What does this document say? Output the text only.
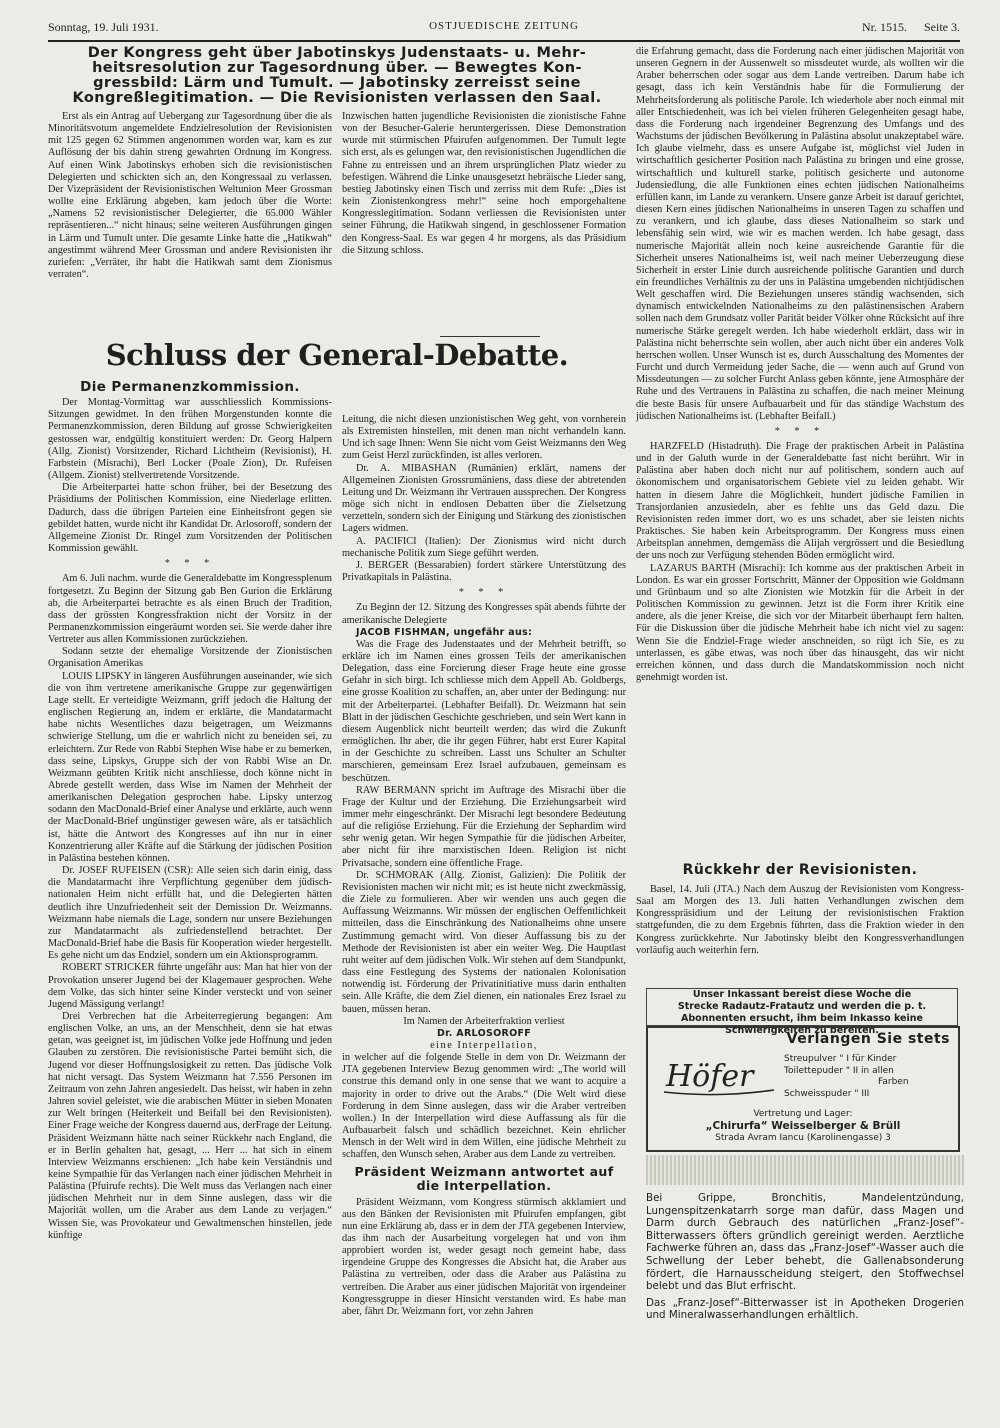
Sonntag, 19. Juli 1931.	OSTJUEDISCHE ZEITUNG	Nr. 1515. Seite 3.
Der Kongress geht über Jabotinskys Judenstaats- u. Mehr-
heitsresolution zur Tagesordnung über. — Bewegtes Kon-
gressbild: Lärm und Tumult. — Jabotinsky zerreisst seine
Kongreßlegitimation. — Die Revisionisten verlassen den Saal.

Erst als ein Antrag auf Uebergang zur Tagesordnung über die als Minoritätsvotum angemeldete Endzielresolution der Revisionisten mit 125 gegen 62 Stimmen angenommen worden war, kam es zur Auflösung der bis dahin streng gewahrten Ordnung im Kongress. Auf einen Wink Jabotinskys erhoben sich die revisionistischen Delegierten und schickten sich an, den Kongressaal zu verlassen. Der Vizepräsident der Revisionistischen Weltunion Meer Grossman wollte eine Erklärung abgeben, kam jedoch über die Worte: „Namens 52 revisionistischer Delegierter, die 65.000 Wähler repräsentieren...“ nicht hinaus; seine weiteren Ausführungen gingen in Lärm und Tumult unter. Die gesamte Linke hatte die „Hatikwah“ angestimmt während Meer Grossman und andere Revisionisten ihr zuriefen: „Verräter, ihr habt die Hatikwah samt dem Zionismus verraten“.

Inzwischen hatten jugendliche Revisionisten die zionistische Fahne von der Besucher-Galerie heruntergerissen. Diese Demonstration wurde mit stürmischen Pfuirufen aufgenommen. Der Tumult legte sich erst, als es gelungen war, den revisionistischen Jugendlichen die Fahne zu entreissen und an ihrem ursprünglichen Platz wieder zu befestigen. Während die Linke unausgesetzt hebräische Lieder sang, bestieg Jabotinsky einen Tisch und zerriss mit dem Rufe: „Dies ist kein Zionistenkongress mehr!“ seine hoch emporgehaltene Kongresslegitimation. Sodann verliessen die Revisionisten unter seiner Führung, die Hatikwah singend, in geschlossener Formation den Kongress-Saal. Es war gegen 4 hr morgens, als das Präsidium die Sitzung schloss.

Schluss der General-Debatte.
Die Permanenzkommission.

Der Montag-Vormittag war ausschliesslich Kommissions-Sitzungen gewidmet. In den frühen Morgenstunden konnte die Permanenzkommission, deren Bildung auf grosse Schwierigkeiten gestossen war, endgültig konstituiert werden: Dr. Georg Halpern (Allg. Zionist) Vorsitzender, Richard Lichtheim (Revisionist), H. Farbstein (Misrachi), Berl Locker (Poale Zion), Dr. Rufeisen (Allgem. Zionist) stellvertretende Vorsitzende.

Die Arbeiterpartei hatte schon früher, bei der Besetzung des Präsidiums der Politischen Kommission, eine Niederlage erlitten. Dadurch, dass die übrigen Parteien eine Einheitsfront gegen sie gebildet hatten, wurde nicht ihr Kandidat Dr. Arlosoroff, sondern der Allgemeine Zionist Dr. Ringel zum Vorsitzenden der Politischen Kommission gewählt.

* * *

Am 6. Juli nachm. wurde die Generaldebatte im Kongressplenum fortgesetzt. Zu Beginn der Sitzung gab Ben Gurion die Erklärung ab, die Arbeiterpartei betrachte es als einen Bruch der Tradition, dass der grössten Kongressfraktion nicht der Vorsitz in der Permanenzkommission eingeräumt worden sei. Sie werde daher ihre Vertreter aus allen Kommissionen zurückziehen.

Sodann setzte der ehemalige Vorsitzende der Zionistischen Organisation Amerikas

LOUIS LIPSKY in längeren Ausführungen auseinander, wie sich die von ihm vertretene amerikanische Gruppe zur gegenwärtigen Lage stellt. Er verteidigte Weizmann, griff jedoch die Haltung der englischen Regierung an, indem er erklärte, die Mandatarmacht habe nichts Wesentliches dazu beigetragen, um Weizmanns schwierige Stellung, um die er wahrlich nicht zu beneiden sei, zu erleichtern. Zur Rede von Rabbi Stephen Wise habe er zu bemerken, dass seine, Lipskys, Gruppe sich der von Rabbi Wise an Dr. Weizmann geübten Kritik nicht anschliesse, doch könne nicht in Abrede gestellt werden, dass Wise im Namen der Mehrheit der amerikanischen Delegation gesprochen habe. Lipsky unterzog sodann den MacDonald-Brief einer Analyse und erklärte, auch wenn der MacDonald-Brief ungünstiger gewesen wäre, als er tatsächlich ist, hätte die Antwort des Kongresses auf ihn nur in einer Konzentrierung aller Kräfte auf die Stärkung der jüdischen Position in Palästina bestehen können.

Dr. JOSEF RUFEISEN (CSR): Alle seien sich darin einig, dass die Mandatarmacht ihre Verpflichtung gegenüber dem jüdisch-nationalen Heim nicht erfüllt hat, und die Delegierten hätten deutlich ihre Unzufriedenheit seit der Demission Dr. Weizmanns. Weizmann habe niemals die Lage, sondern nur unsere Beziehungen zur Mandatarmacht als zufriedenstellend betrachtet. Der MacDonald-Brief habe die Basis für Kooperation wieder hergestellt. Es gehe nicht um das Endziel, sondern um ein Aktionsprogramm.

ROBERT STRICKER führte ungefähr aus: Man hat hier von der Provokation unserer Jugend bei der Klagemauer gesprochen. Wehe dem Volke, das sich hinter seine Kinder versteckt und von seiner Jugend Mässigung verlangt!

Drei Verbrechen hat die Arbeiterregierung begangen: Am englischen Volke, an uns, an der Menschheit, denn sie hat etwas getan, was geeignet ist, im jüdischen Volke jede Hoffnung und jeden Glauben zu zerstören. Die revisionistische Partei bemüht sich, die Jugend vor dieser Hoffnungslosigkeit zu retten. Das jüdische Volk hat nicht versagt. Das System Weizmann hat 7.556 Personen im Zeitraum von zehn Jahren angesiedelt. Das heisst, wir haben in zehn Jahren soviel geleistet, wie die arabischen Mütter in sieben Monaten zur Welt bringen (Heiterkeit und Beifall bei den Revisionisten). Einer Frage weiche der Kongress dauernd aus, derFrage der Leitung. Präsident Weizmann hätte nach seiner Rückkehr nach England, die er in Berlin gehalten hat, gesagt, ... Herr ... hat sich in einem Interview Weizmanns erschienen: „Ich habe kein Verständnis und keine Sympathie für das Verlangen nach einer jüdischen Mehrheit in Palästina (Pfuirufe rechts). Die Welt muss das Verlangen nach einer jüdischen Mehrheit nur in dem Sinne auslegen, dass wir die Majorität wollen, um die Araber aus dem Lande zu verjagen.“ Wissen Sie, was Provokateur und Gewaltmenschen hinstellen, jede künftige

Leitung, die nicht diesen unzionistischen Weg geht, von vornherein als Extremisten hinstellen, mit denen man nicht verhandeln kann. Und ich sage Ihnen: Wenn Sie nicht vom Geist Weizmanns den Weg zum Geist Herzl zurückfinden, ist alles verloren.

Dr. A. MIBASHAN (Rumänien) erklärt, namens der Allgemeinen Zionisten Grossrumäniens, dass diese der abtretenden Leitung und Dr. Weizmann ihr Vertrauen aussprechen. Der Kongress möge sich nicht in endlosen Debatten über die Zielsetzung verzetteln, sondern sich der Einigung und Stärkung des zionistischen Lagers widmen.

A. PACIFICI (Italien): Der Zionismus wird nicht durch mechanische Politik zum Siege geführt werden.

J. BERGER (Bessarabien) fordert stärkere Unterstützung des Privatkapitals in Palästina.

* * *

Zu Beginn der 12. Sitzung des Kongresses spät abends führte der amerikanische Delegierte

JACOB FISHMAN, ungefähr aus:

Was die Frage des Judenstaates und der Mehrheit betrifft, so erkläre ich im Namen eines grossen Teils der amerikanischen Delegation, dass eine Forcierung dieser Frage heute eine grosse Gefahr in sich birgt. Ich schliesse mich dem Appell Ab. Goldbergs, eine grosse Koalition zu schaffen, an, aber unter der Bedingung: nur mit der Arbeiterpartei. (Lebhafter Beifall). Dr. Weizmann hat sein Blatt in der jüdischen Geschichte geschrieben, und sein Wert kann in diesem Augenblick nicht beurteilt werden; das wird die Zukunft ermöglichen. Ihr aber, die ihr gegen Führer, habt erst Eurer Kapital in der Geschichte zu schreiben. Lasst uns Schulter an Schulter marschieren, gemeinsam Erez Israel aufzubauen, gemeinsam es beschützen.

RAW BERMANN spricht im Auftrage des Misrachi über die Frage der Kultur und der Erziehung. Die Erziehungsarbeit wird immer mehr eingeschränkt. Der Misrachi legt besondere Bedeutung auf die religiöse Erziehung. Für die Erziehung der Sephardim wird sehr wenig getan. Wir hegen Sympathie für die jüdischen Arbeiter, aber nicht für ihre marxistischen Ideen. Religion ist nicht Privatsache, sondern eine öffentliche Frage.

Dr. SCHMORAK (Allg. Zionist, Galizien): Die Politik der Revisionisten machen wir nicht mit; es ist heute nicht zweckmässig, die Ziele zu formulieren. Aber wir wenden uns auch gegen die Auffassung Weizmanns. Wir müssen der englischen Oeffentlichkeit mitteilen, dass die Einschränkung des Nationalheims ohne unsere Zustimmung gemacht wird. Von dieser Auffassung bis zu der Methode der Revisionisten ist aber ein weiter Weg. Die Hauptlast ruht weiter auf dem jüdischen Volk. Wir stehen auf dem Standpunkt, dass eine Festlegung des Systems der nationalen Kolonisation notwendig ist. Förderung der Privatinitiative muss darin enthalten sein. Alle Kräfte, die dem Ziel dienen, ein nationales Erez Israel zu bauen, müssen heran.

Im Namen der Arbeiterfraktion verliest

Dr. ARLOSOROFF

eine Interpellation,

in welcher auf die folgende Stelle in dem von Dr. Weizmann der JTA gegebenen Interview Bezug genommen wird: „The world will construe this demand only in one sense that we want to acquire a majority in order to drive out the Arabs.“ (Die Welt wird diese Forderung in dem Sinne auslegen, dass wir die Araber vertreiben wollen.) In der Interpellation wird diese Auffassung als für die Aufbauarbeit falsch und schädlich bezeichnet. Kein ehrlicher Mensch in der Welt wird in dem Willen, eine jüdische Mehrheit zu schaffen, den Wunsch sehen, Araber aus dem Lande zu vertreiben.

Präsident Weizmann antwortet auf die Interpellation.

Präsident Weizmann, vom Kongress stürmisch akklamiert und aus den Bänken der Revisionisten mit Pfuirufen empfangen, gibt nun eine Erklärung ab, dass er in dem der JTA gegebenen Interview, das ihm nach der Ausarbeitung vorgelegen hat und von ihm approbiert worden ist, weder gesagt noch gemeint habe, dass irgendeine Gruppe des Kongresses die Absicht hat, die Araber aus Palästina zu vertreiben, oder dass die Araber aus Palästina zu vertreiben. Die Araber aus einer jüdischen Majorität von irgendeiner Kongressgruppe in dieser Hinsicht verstanden wird. Es habe man aber, fährt Dr. Weizmann fort, vor zehn Jahren

die Erfahrung gemacht, dass die Forderung nach einer jüdischen Majorität von unseren Gegnern in der Aussenwelt so missdeutet wurde, als wollten wir die Araber beherrschen oder sogar aus dem Lande vertreiben. Darum habe ich gesagt, dass ich kein Verständnis habe für die Formulierung der Mehrheitsforderung als politische Parole. Ich wiederhole aber noch einmal mit aller Entschiedenheit, was ich bei vielen früheren Gelegenheiten gesagt habe, dass die Forderung nach irgendeiner Begrenzung des Umfangs und des Wachstums der jüdischen Bevölkerung in Palästina absolut unakzeptabel wäre. Ich glaube vielmehr, dass es unsere Aufgabe ist, möglichst viel Juden in wirtschaftlich gesicherter Position nach Palästina zu bringen und eine grosse, wirtschaftlich und kulturell starke, politisch gesicherte und autonome Judensiedlung, die alle Funktionen eines echten jüdischen Nationalheims erfüllen kann, im Lande zu verankern. Unsere ganze Arbeit ist darauf gerichtet, diesen Kern eines jüdischen Nationalheims in unseren Tagen zu schaffen und zu verankern, und ich glaube, dass dieses Nationalheim so stark und lebensfähig sein wird, wie wir es machen werden. Ich habe gesagt, dass numerische Majorität allein noch keine ausreichende Garantie für die Sicherheit unseres Nationalheims ist, weil nach meiner Ueberzeugung diese Sicherheit in erster Linie durch ausreichende politische Garantien und durch ein freundliches Verhältnis zu der uns in Palästina umgebenden nichtjüdischen Welt geschaffen wird. Die Beziehungen unseres ständig wachsenden, sich dynamisch entwickelnden Nationalheims zu den palästinensischen Arabern sollen nach dem Grundsatz voller Parität beider Völker ohne Rücksicht auf ihre numerische Stärke geregelt werden. Ich habe wiederholt erklärt, dass wir in Palästina nicht beherrschte sein wollen, aber auch nicht über ein anderes Volk herrschen wollen. Unser Wunsch ist es, durch Ausschaltung des Momentes der Furcht und durch Vermeidung jeder Sache, die — wenn auch auf Grund von Missdeutungen — zu solcher Furcht Anlass geben könnte, jene Atmosphäre der Ruhe und des Vertrauens in Palästina zu schaffen, die nach meiner Meinung die beste Basis für unsere Aufbauarbeit und für das ständige Wachstum des jüdischen Nationalheims ist. (Lebhafter Beifall.)

* * *

HARZFELD (Histadruth). Die Frage der praktischen Arbeit in Palästina und in der Galuth wurde in der Generaldebatte fast nicht berührt. Wir in Palästina aber haben doch nicht nur auf politischem, sondern auch auf ökonomischem und organisatorischem Gebiete viel zu leiden gehabt. Wir hatten in diesem Jahre die Möglichkeit, hundert jüdische Familien in Transjordanien anzusiedeln, aber es fehlte uns das Geld dazu. Die Revisionisten reden immer dort, wo es uns schadet, aber sie leisten nichts Praktisches. Sie haben kein Arbeitsprogramm. Der Kongress muss einen Arbeitsplan annehmen, demgemäss die Alijah vergrössert und die Besiedlung der uns noch zur Verfügung stehenden Böden ermöglicht wird.

LAZARUS BARTH (Misrachi): Ich komme aus der praktischen Arbeit in London. Es war ein grosser Fortschritt, Männer der Opposition wie Goldmann und Grünbaum und so alte Zionisten wie Motzkin für die Arbeit in der Politischen Kommission zu gewinnen. Jetzt ist die Form ihrer Kritik eine andere, als die jener Kreise, die sich vor der Mitarbeit überhaupt fern halten. Für die Diskussion über die jüdische Mehrheit habe ich nicht viel zu sagen: Wenn Sie die Endziel-Frage wieder anschneiden, so rügt ich Sie, es zu unterlassen, es gäbe etwas, was noch über das hinausgeht, das wir nicht erreichen können, und dass durch die Mandatskommission noch nicht genehmigt worden ist.

Rückkehr der Revisionisten.

Basel, 14. Juli (JTA.) Nach dem Auszug der Revisionisten vom Kongress-Saal am Morgen des 13. Juli hatten Verhandlungen zwischen dem Kongresspräsidium und der Leitung der revisionistischen Fraktion stattgefunden, die zu dem Ergebnis führten, dass die Fraktion wieder in den Kongress zurückkehrte. Nur Jabotinsky bleibt den Kongressverhandlungen vorläufig auch weiterhin fern.

Unser Inkassant bereist diese Woche die
Strecke Radautz-Fratautz und werden die p. t. Abonnenten ersucht, ihm beim Inkasso keine Schwierigkeiten zu bereiten.
Verlangen Sie stets
Höfer	Streupulver " I für Kinder
Toilettepuder " II in allen
Farben
Schweisspuder " III
Vertretung und Lager:
„Chirurfa“ Weisselberger & Brüll
Strada Avram Iancu (Karolinengasse) 3

Bei Grippe, Bronchitis, Mandelentzündung, Lungenspitzenkatarrh sorge man dafür, dass Magen und Darm durch Gebrauch des natürlichen „Franz-Josef“-Bitterwassers öfters gründlich gereinigt werden. Aerztliche Fachwerke führen an, dass das „Franz-Josef“-Wasser auch die Schwellung der Leber behebt, die Gallenabsonderung fördert, die Harnausscheidung steigert, den Stoffwechsel belebt und das Blut erfrischt.

Das „Franz-Josef“-Bitterwasser ist in Apotheken Drogerien und Mineralwasserhandlungen erhältlich.
